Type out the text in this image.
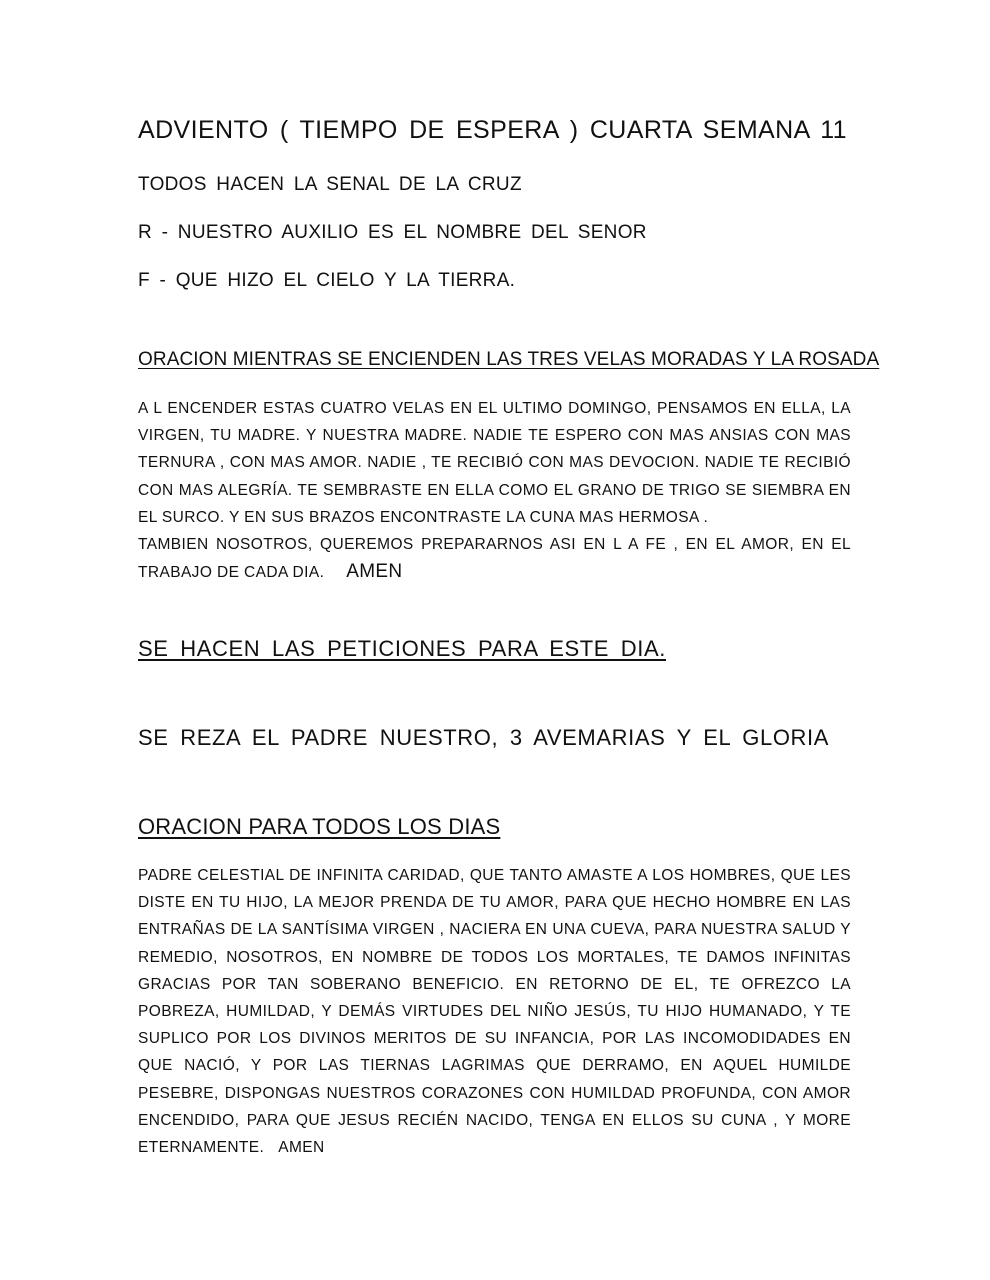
ADVIENTO ( TIEMPO DE ESPERA ) CUARTA SEMANA 11
TODOS HACEN LA SENAL DE LA CRUZ
R - NUESTRO AUXILIO ES EL NOMBRE DEL SENOR
F - QUE HIZO EL CIELO Y LA TIERRA.
ORACION MIENTRAS SE ENCIENDEN LAS TRES VELAS MORADAS Y LA ROSADA
A L ENCENDER ESTAS CUATRO VELAS EN EL ULTIMO DOMINGO, PENSAMOS EN ELLA, LA VIRGEN, TU MADRE. Y NUESTRA MADRE. NADIE TE ESPERO CON MAS ANSIAS CON MAS TERNURA , CON MAS AMOR. NADIE , TE RECIBIÓ CON MAS DEVOCION. NADIE TE RECIBIÓ CON MAS ALEGRÍA. TE SEMBRASTE EN ELLA COMO EL GRANO DE TRIGO SE SIEMBRA EN EL SURCO. Y EN SUS BRAZOS ENCONTRASTE LA CUNA MAS HERMOSA .
TAMBIEN NOSOTROS, QUEREMOS PREPARARNOS ASI EN L A FE , EN EL AMOR, EN EL TRABAJO DE CADA DIA. AMEN
SE HACEN LAS PETICIONES PARA ESTE DIA.
SE REZA EL PADRE NUESTRO, 3 AVEMARIAS Y EL GLORIA
ORACION PARA TODOS LOS DIAS
PADRE CELESTIAL DE INFINITA CARIDAD, QUE TANTO AMASTE A LOS HOMBRES, QUE LES DISTE EN TU HIJO, LA MEJOR PRENDA DE TU AMOR, PARA QUE HECHO HOMBRE EN LAS ENTRAÑAS DE LA SANTÍSIMA VIRGEN , NACIERA EN UNA CUEVA, PARA NUESTRA SALUD Y REMEDIO, NOSOTROS, EN NOMBRE DE TODOS LOS MORTALES, TE DAMOS INFINITAS GRACIAS POR TAN SOBERANO BENEFICIO. EN RETORNO DE EL, TE OFREZCO LA POBREZA, HUMILDAD, Y DEMÁS VIRTUDES DEL NIÑO JESÚS, TU HIJO HUMANADO, Y TE SUPLICO POR LOS DIVINOS MERITOS DE SU INFANCIA, POR LAS INCOMODIDADES EN QUE NACIÓ, Y POR LAS TIERNAS LAGRIMAS QUE DERRAMO, EN AQUEL HUMILDE PESEBRE, DISPONGAS NUESTROS CORAZONES CON HUMILDAD PROFUNDA, CON AMOR ENCENDIDO, PARA QUE JESUS RECIÉN NACIDO, TENGA EN ELLOS SU CUNA , Y MORE ETERNAMENTE. AMEN
